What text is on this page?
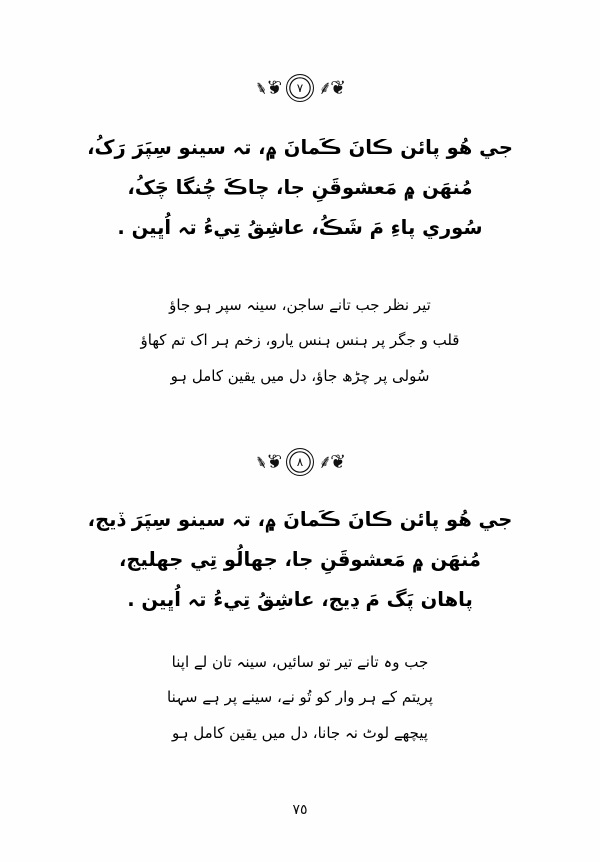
❦⸙	٧ ⸙❦
جي هُو پائن ڪانَ ڪَمانَ ۾، تہ سينو سِپَرَ رَکُ،
مُنهَن ۾ مَعشوقَنِ جا، چاڪَ چُنگا چَکُ،
سُوري پاءِ مَ شَڪُ، عاشِقُ تِيءُ تہ اُڀين .
تیر نظر جب تانے ساجن، سینہ سپر ہو جاؤ
قلب و جگر پر ہنس ہنس یارو، زخم ہر اک تم کھاؤ
سُولی پر چڑھ جاؤ، دل میں یقین کامل ہو
❦⸙	٨ ⸙❦
جي هُو پائن ڪانَ ڪَمانَ ۾، تہ سينو سِپَرَ ڏيج،
مُنهَن ۾ مَعشوقَنِ جا، جهالُو تِي جهليج،
پاهان پَگ مَ ڍيج، عاشِقُ تِيءُ تہ اُڀين .
جب وہ تانے تیر تو سائیں، سینہ تان لے اپنا
پریتم کے ہر وار کو تُو نے، سینے پر ہے سہنا
پیچھے لوٹ نہ جانا، دل میں یقین کامل ہو
٧٥
